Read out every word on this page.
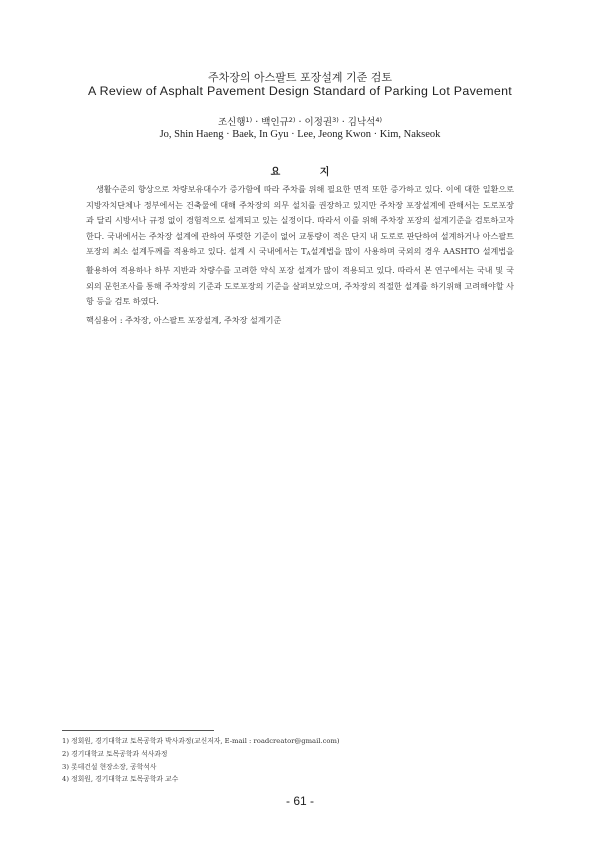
주차장의 아스팔트 포장설계 기준 검토
A Review of Asphalt Pavement Design Standard of Parking Lot Pavement
조신행$^{1)}$ · 백인규$^{2)}$ · 이정권$^{3)}$ · 김낙석$^{4)}$
Jo, Shin Haeng · Baek, In Gyu · Lee, Jeong Kwon · Kim, Nakseok
요 지

생활수준의 향상으로 차량보유대수가 증가함에 따라 주차를 위해 필요한 면적 또한 증가하고 있다. 이에 대한 일환으로 지방자치단체나 정부에서는 건축물에 대해 주차장의 의무 설치를 권장하고 있지만 주차장 포장설계에 관해서는 도로포장과 달리 시방서나 규정 없이 경험적으로 설계되고 있는 실정이다. 따라서 이를 위해 주차장 포장의 설계기준을 검토하고자 한다. 국내에서는 주차장 설계에 관하여 뚜렷한 기준이 없어 교통량이 적은 단지 내 도로로 판단하여 설계하거나 아스팔트 포장의 최소 설계두께를 적용하고 있다. 설계 시 국내에서는 $T_A$설계법을 많이 사용하며 국외의 경우 AASHTO 설계법을 활용하여 적용하나 하부 지반과 차량수를 고려한 약식 포장 설계가 많이 적용되고 있다. 따라서 본 연구에서는 국내 및 국외의 문헌조사를 통해 주차장의 기준과 도로포장의 기준을 살펴보았으며, 주차장의 적절한 설계를 하기위해 고려해야할 사항 등을 검토 하였다.

핵심용어 : 주차장, 아스팔트 포장설계, 주차장 설계기준
1) 정회원, 경기대학교 토목공학과 박사과정(교신저자, E-mail : roadcreator@gmail.com)
2) 경기대학교 토목공학과 석사과정
3) 롯데건설 현장소장, 공학석사
4) 정회원, 경기대학교 토목공학과 교수
- 61 -
